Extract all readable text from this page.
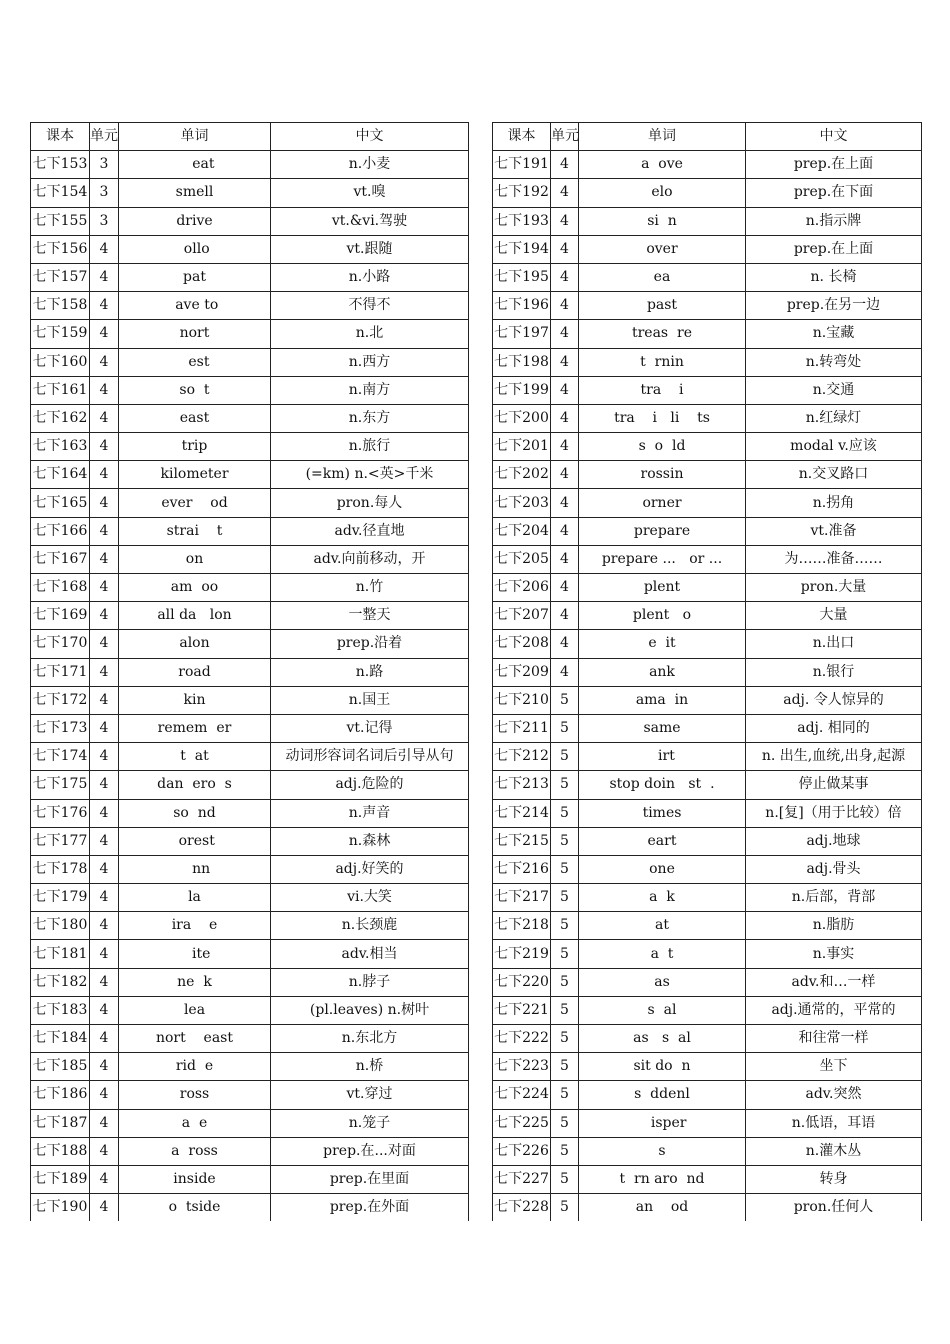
课本	单元	单词	中文
七下153	3	eat	n.小麦
七下154	3	smell	vt.嗅
七下155	3	drive	vt.&vi.驾驶
七下156	4	ollo	vt.跟随
七下157	4	pat	n.小路
七下158	4	ave to	不得不
七下159	4	nort	n.北
七下160	4	est	n.西方
七下161	4	so  t	n.南方
七下162	4	east	n.东方
七下163	4	trip	n.旅行
七下164	4	kilometer	(=km) n.<英>千米
七下165	4	ever    od	pron.每人
七下166	4	strai    t	adv.径直地
七下167	4	on	adv.向前移动，开
七下168	4	am  oo	n.竹
七下169	4	all da   lon	一整天
七下170	4	alon	prep.沿着
七下171	4	road	n.路
七下172	4	kin	n.国王
七下173	4	remem  er	vt.记得
七下174	4	t  at	动词形容词名词后引导从句
七下175	4	dan  ero  s	adj.危险的
七下176	4	so  nd	n.声音
七下177	4	orest	n.森林
七下178	4	nn	adj.好笑的
七下179	4	la	vi.大笑
七下180	4	ira    e	n.长颈鹿
七下181	4	ite	adv.相当
七下182	4	ne  k	n.脖子
七下183	4	lea	(pl.leaves) n.树叶
七下184	4	nort    east	n.东北方
七下185	4	rid  e	n.桥
七下186	4	ross	vt.穿过
七下187	4	a  e	n.笼子
七下188	4	a  ross	prep.在...对面
七下189	4	inside	prep.在里面
七下190	4	o  tside	prep.在外面
课本	单元	单词	中文
七下191	4	a  ove	prep.在上面
七下192	4	elo	prep.在下面
七下193	4	si  n	n.指示牌
七下194	4	over	prep.在上面
七下195	4	ea	n. 长椅
七下196	4	past	prep.在另一边
七下197	4	treas  re	n.宝藏
七下198	4	t  rnin	n.转弯处
七下199	4	tra    i	n.交通
七下200	4	tra    i   li    ts	n.红绿灯
七下201	4	s  o  ld	modal v.应该
七下202	4	rossin	n.交叉路口
七下203	4	orner	n.拐角
七下204	4	prepare	vt.准备
七下205	4	prepare ...   or ...	为……准备……
七下206	4	plent	pron.大量
七下207	4	plent   o	大量
七下208	4	e  it	n.出口
七下209	4	ank	n.银行
七下210	5	ama  in	adj. 令人惊异的
七下211	5	same	adj. 相同的
七下212	5	irt	n. 出生,血统,出身,起源
七下213	5	stop doin   st  .	停止做某事
七下214	5	times	n.[复]（用于比较）倍
七下215	5	eart	adj.地球
七下216	5	one	adj.骨头
七下217	5	a  k	n.后部，背部
七下218	5	at	n.脂肪
七下219	5	a  t	n.事实
七下220	5	as	adv.和…一样
七下221	5	s  al	adj.通常的，平常的
七下222	5	as   s  al	和往常一样
七下223	5	sit do  n	坐下
七下224	5	s  ddenl	adv.突然
七下225	5	isper	n.低语，耳语
七下226	5	s	n.灌木丛
七下227	5	t  rn aro  nd	转身
七下228	5	an    od	pron.任何人
